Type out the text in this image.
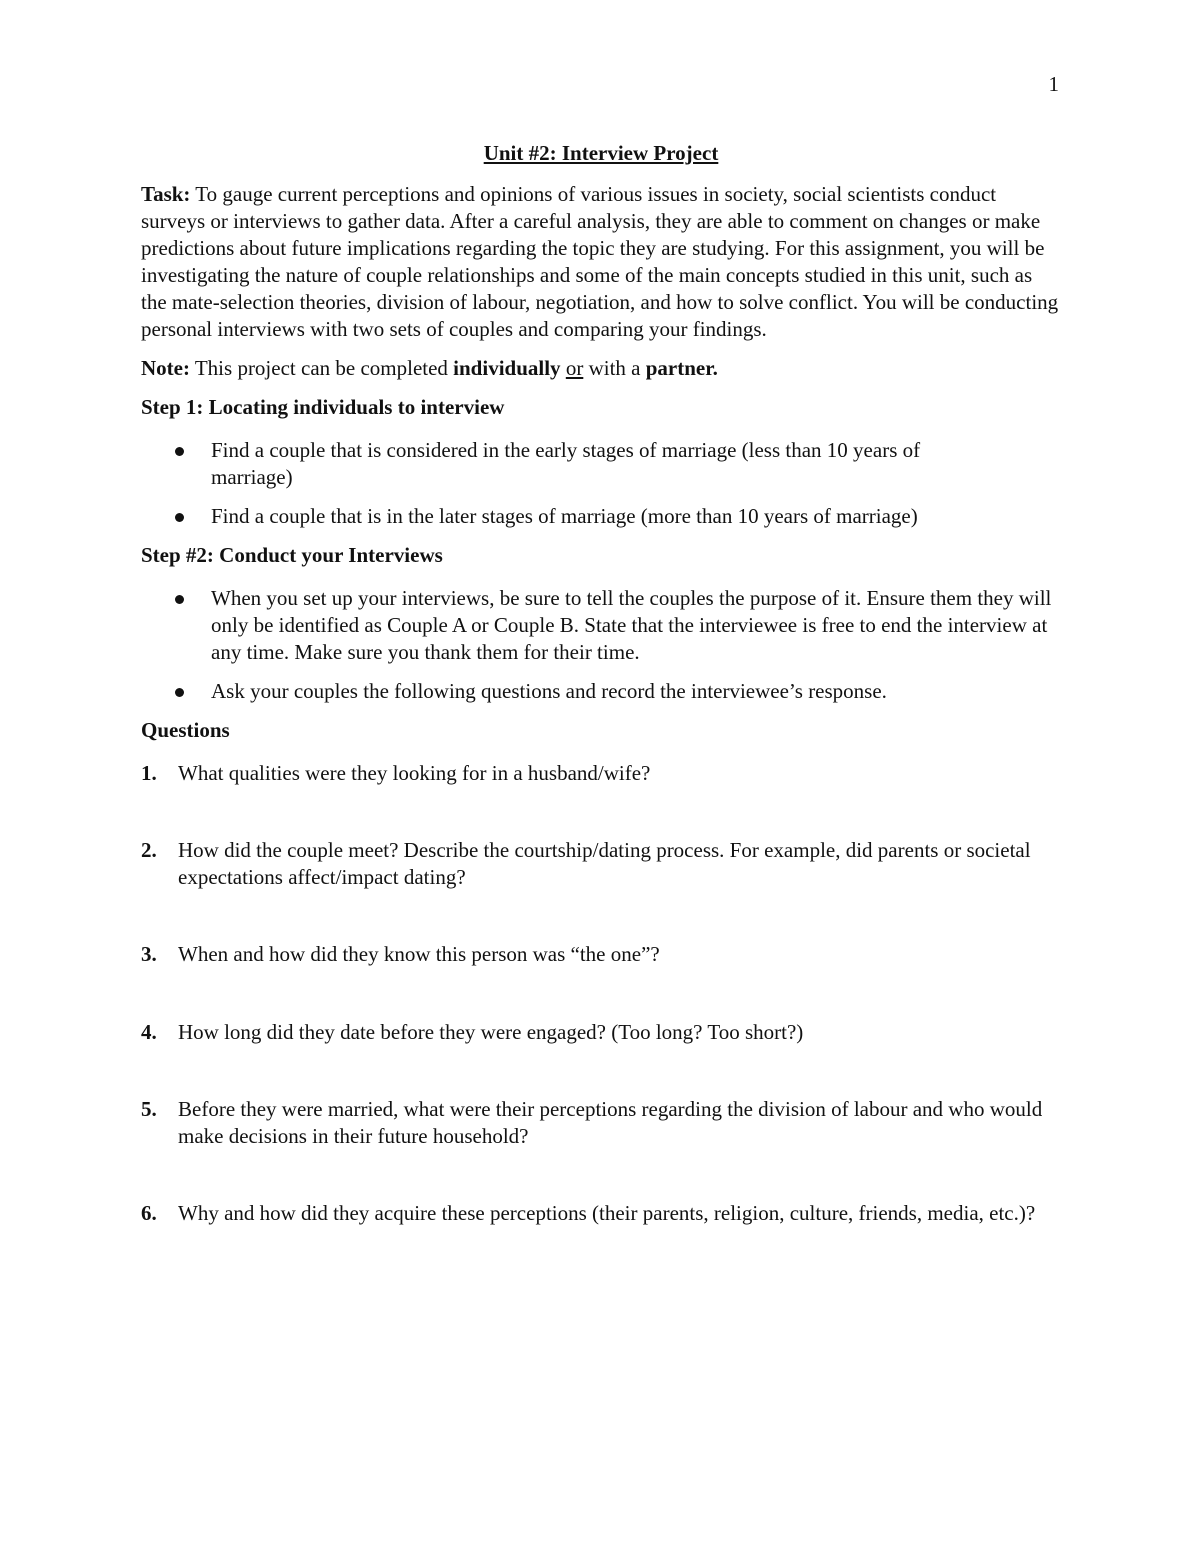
1
Unit #2: Interview Project

Task: To gauge current perceptions and opinions of various issues in society, social scientists conduct surveys or interviews to gather data. After a careful analysis, they are able to comment on changes or make predictions about future implications regarding the topic they are studying. For this assignment, you will be investigating the nature of couple relationships and some of the main concepts studied in this unit, such as the mate-selection theories, division of labour, negotiation, and how to solve conflict. You will be conducting personal interviews with two sets of couples and comparing your findings.

Note: This project can be completed individually or with a partner.

Step 1: Locating individuals to interview
Find a couple that is considered in the early stages of marriage (less than 10 years of marriage)
Find a couple that is in the later stages of marriage (more than 10 years of marriage)
Step #2: Conduct your Interviews
When you set up your interviews, be sure to tell the couples the purpose of it. Ensure them they will only be identified as Couple A or Couple B. State that the interviewee is free to end the interview at any time. Make sure you thank them for their time.
Ask your couples the following questions and record the interviewee’s response.
Questions
1. What qualities were they looking for in a husband/wife?
2. How did the couple meet? Describe the courtship/dating process. For example, did parents or societal expectations affect/impact dating?
3. When and how did they know this person was “the one”?
4. How long did they date before they were engaged? (Too long? Too short?)
5. Before they were married, what were their perceptions regarding the division of labour and who would make decisions in their future household?
6. Why and how did they acquire these perceptions (their parents, religion, culture, friends, media, etc.)?
